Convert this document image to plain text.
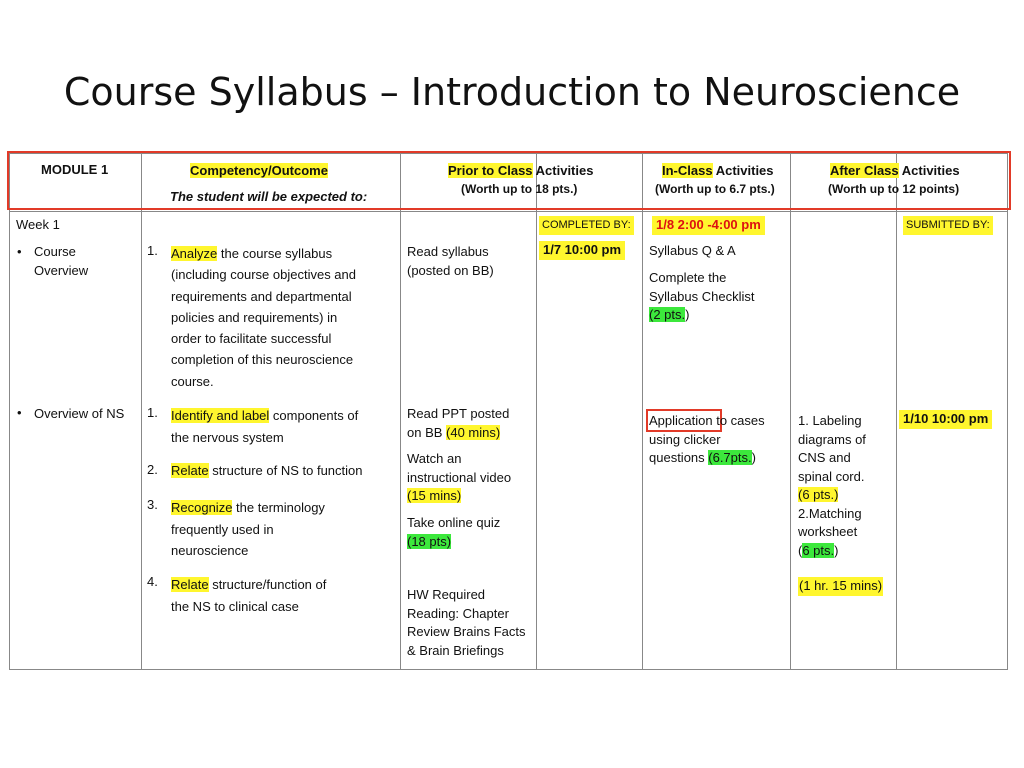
Course Syllabus – Introduction to Neuroscience
MODULE 1	Competency/Outcome
The student will be expected to:
Prior to Class Activities
(Worth up to 18 pts.)
In-Class Activities
(Worth up to 6.7 pts.)
After Class Activities
(Worth up to 12 points)
Week 1
• Course
Overview
• Overview of NS
1. Analyze the course syllabus
(including course objectives and
requirements and departmental
policies and requirements) in
order to facilitate successful
completion of this neuroscience
course.
1. Identify and label components of
the nervous system
2. Relate structure of NS to function
3. Recognize the terminology
frequently used in
neuroscience
4. Relate structure/function of
the NS to clinical case
Read syllabus
(posted on BB)
Read PPT posted
on BB (40 mins)
Watch an
instructional video
(15 mins)
Take online quiz
(18 pts)
HW Required
Reading: Chapter
Review Brains Facts
& Brain Briefings
COMPLETED BY:
1/7 10:00 pm
1/8 2:00 -4:00 pm
Syllabus Q & A
Complete the
Syllabus Checklist
(2 pts.)
Application to cases
using clicker
questions (6.7pts.)
1. Labeling
diagrams of
CNS and
spinal cord.
(6 pts.)
2.Matching
worksheet
(6 pts.)
(1 hr. 15 mins)
SUBMITTED BY:
1/10 10:00 pm
